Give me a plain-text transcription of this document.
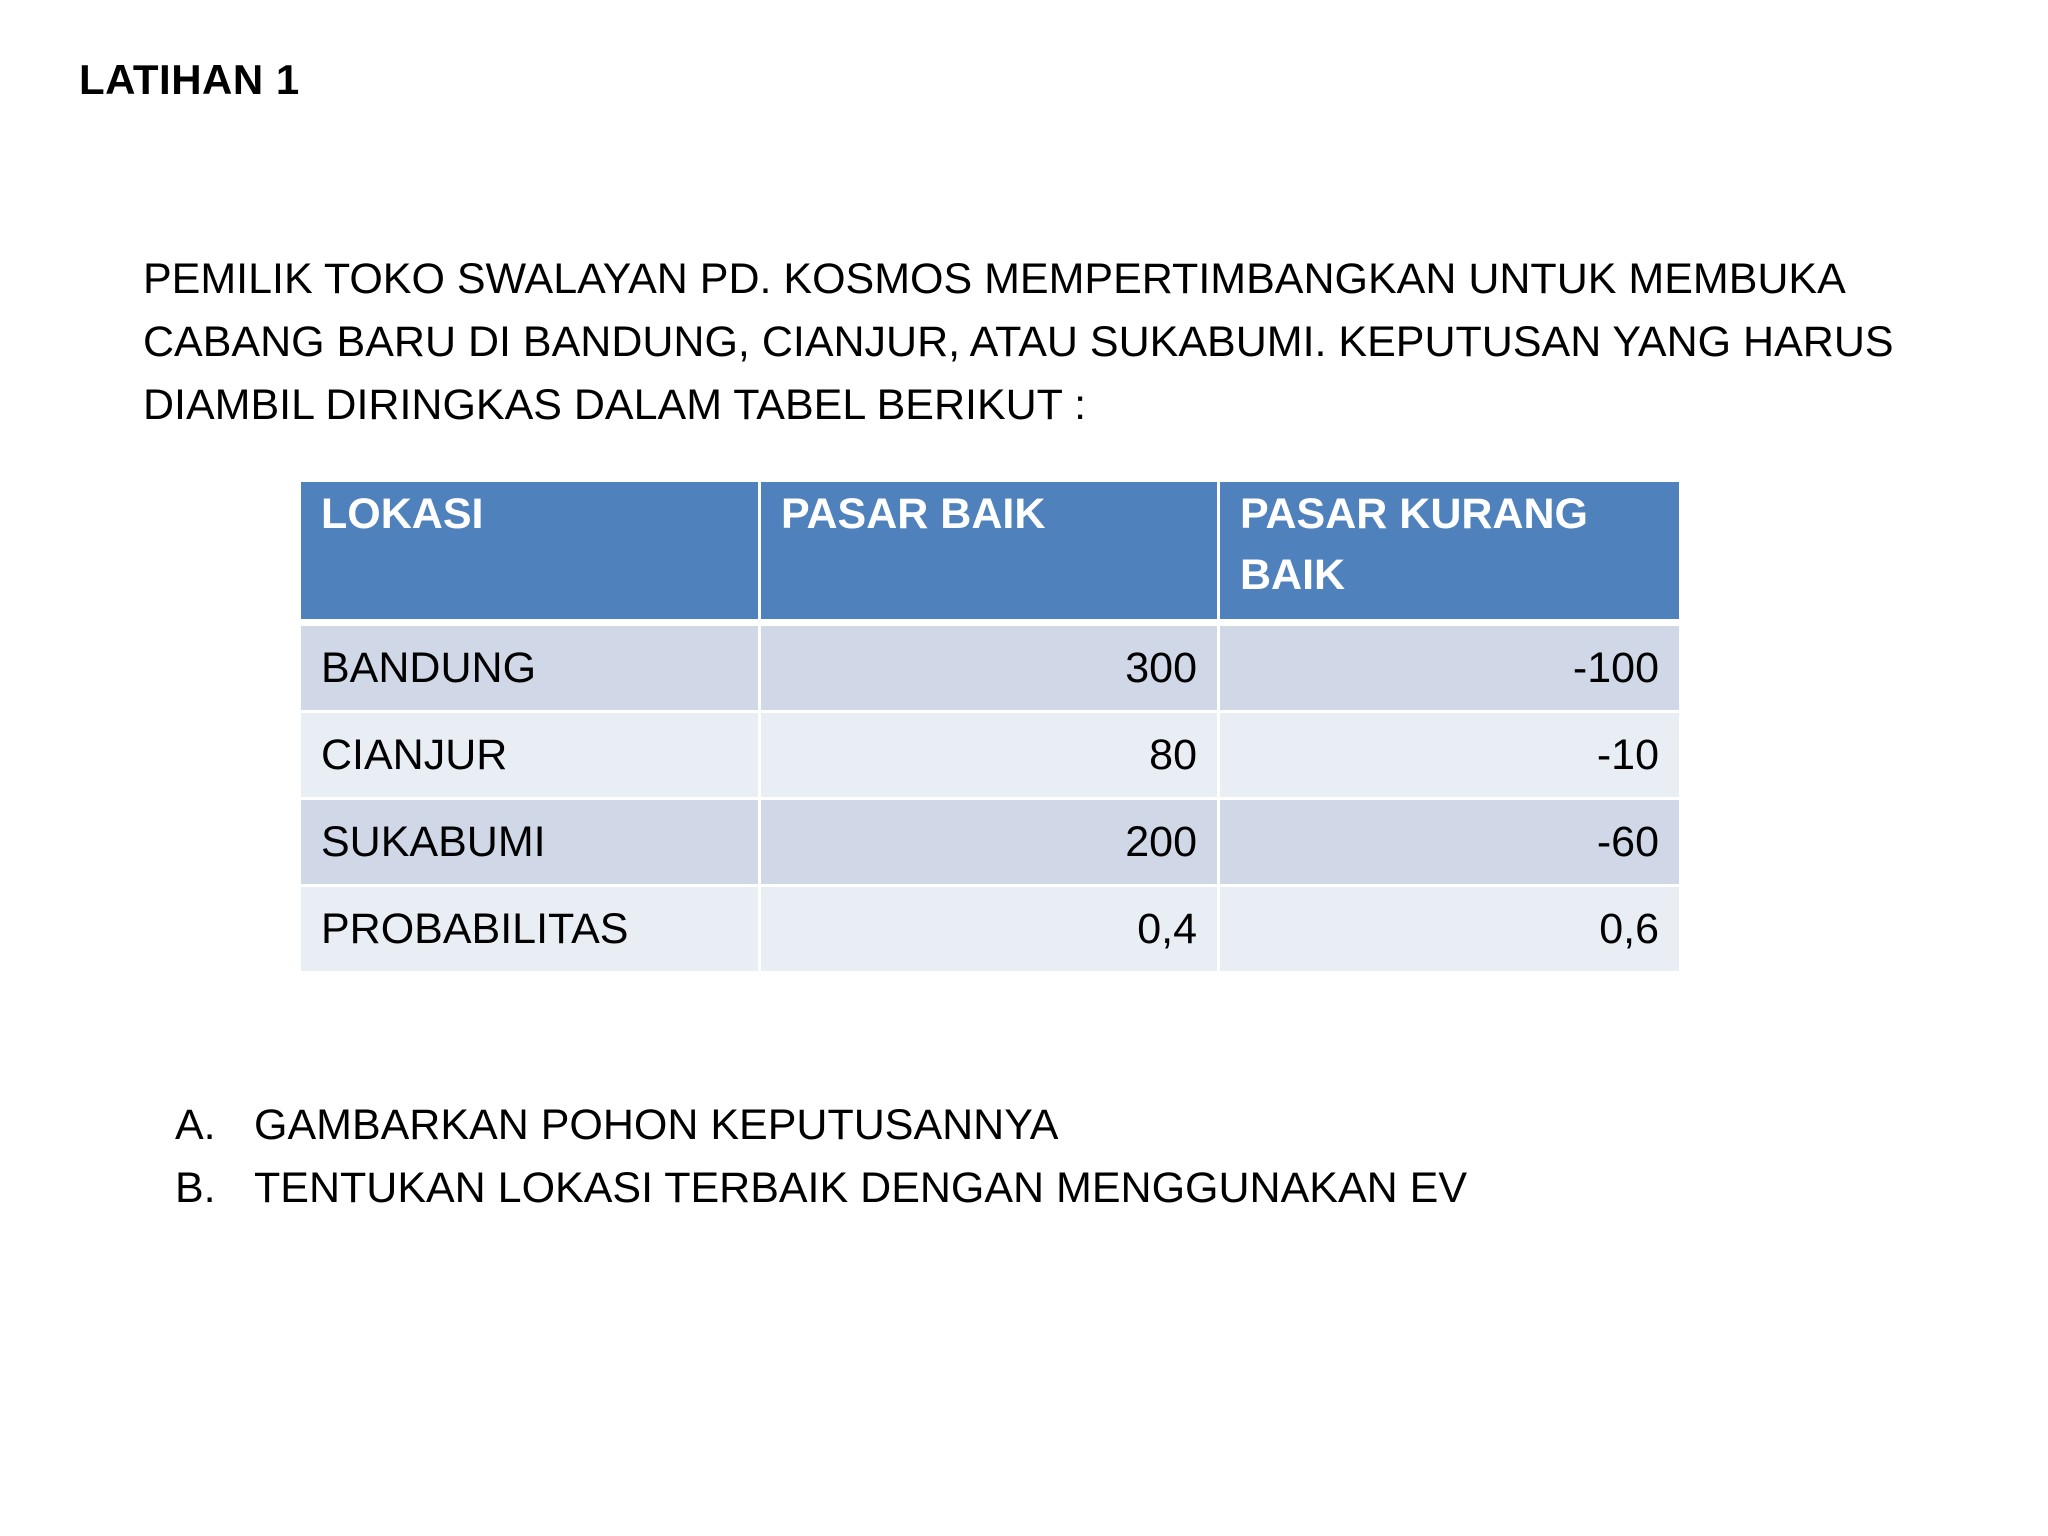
LATIHAN 1

PEMILIK TOKO SWALAYAN PD. KOSMOS MEMPERTIMBANGKAN UNTUK MEMBUKA CABANG BARU DI BANDUNG, CIANJUR, ATAU SUKABUMI. KEPUTUSAN YANG HARUS DIAMBIL DIRINGKAS DALAM TABEL BERIKUT :

LOKASI	PASAR BAIK	PASAR KURANG BAIK
BANDUNG	300	-100
CIANJUR	80	-10
SUKABUMI	200	-60
PROBABILITAS	0,4	0,6
A. GAMBARKAN POHON KEPUTUSANNYA
B. TENTUKAN LOKASI TERBAIK DENGAN MENGGUNAKAN EV
